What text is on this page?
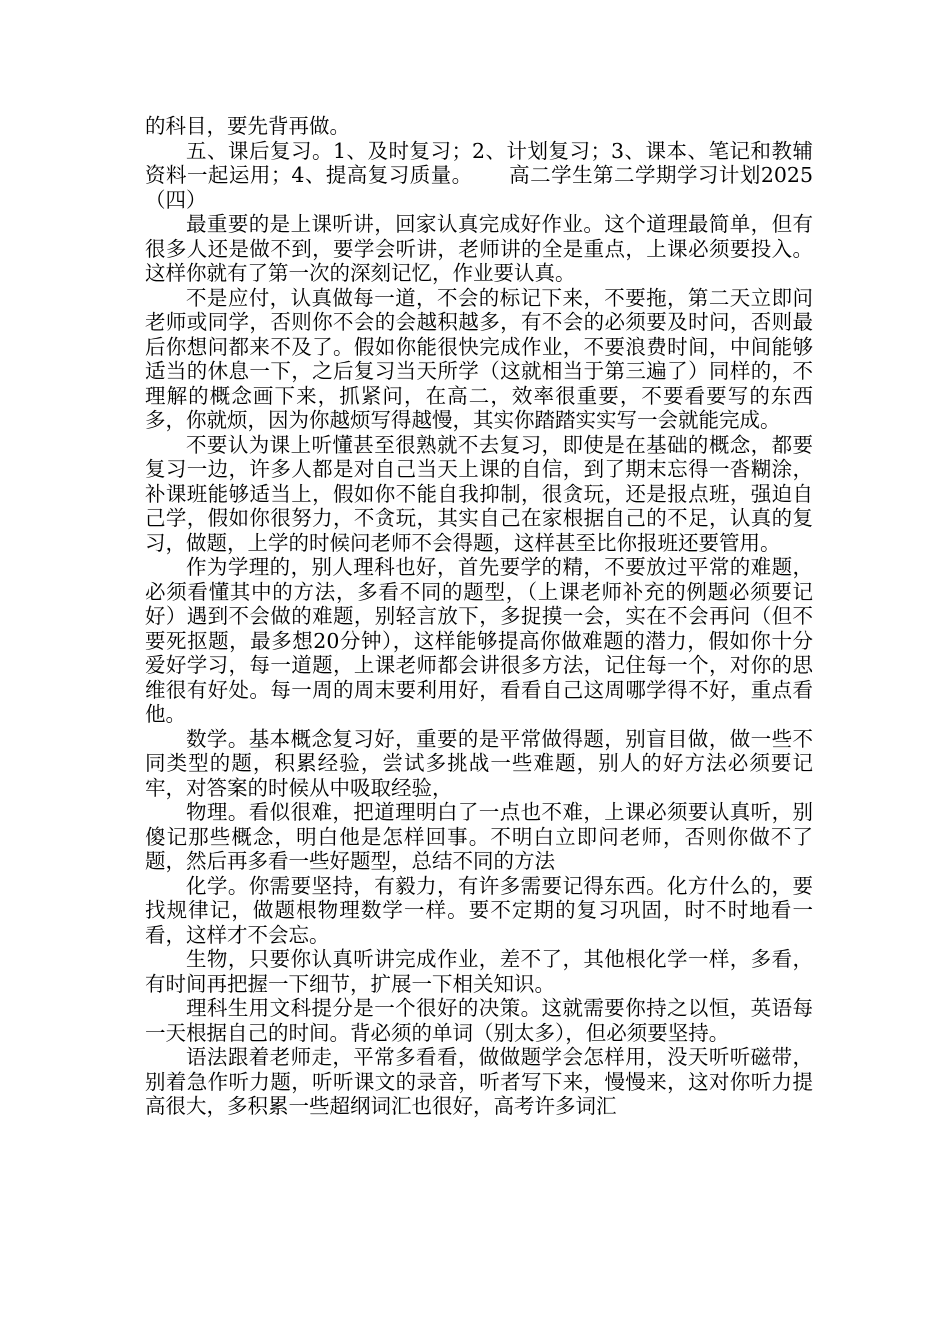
的科目，要先背再做。

五、课后复习。1、及时复习；2、计划复习；3、课本、笔记和教辅资料一起运用；4、提高复习质量。 高二学生第二学期学习计划2025（四）

最重要的是上课听讲，回家认真完成好作业。这个道理最简单，但有很多人还是做不到，要学会听讲，老师讲的全是重点，上课必须要投入。这样你就有了第一次的深刻记忆，作业要认真。

不是应付，认真做每一道，不会的标记下来，不要拖，第二天立即问老师或同学，否则你不会的会越积越多，有不会的必须要及时问，否则最后你想问都来不及了。假如你能很快完成作业，不要浪费时间，中间能够适当的休息一下，之后复习当天所学（这就相当于第三遍了）同样的，不理解的概念画下来，抓紧问，在高二，效率很重要，不要看要写的东西多，你就烦，因为你越烦写得越慢，其实你踏踏实实写一会就能完成。

不要认为课上听懂甚至很熟就不去复习，即使是在基础的概念，都要复习一边，许多人都是对自己当天上课的自信，到了期末忘得一沓糊涂，补课班能够适当上，假如你不能自我抑制，很贪玩，还是报点班，强迫自己学，假如你很努力，不贪玩，其实自己在家根据自己的不足，认真的复习，做题，上学的时候问老师不会得题，这样甚至比你报班还要管用。

作为学理的，别人理科也好，首先要学的精，不要放过平常的难题，必须看懂其中的方法，多看不同的题型，（上课老师补充的例题必须要记好）遇到不会做的难题，别轻言放下，多捉摸一会，实在不会再问（但不要死抠题，最多想20分钟），这样能够提高你做难题的潜力，假如你十分爱好学习，每一道题，上课老师都会讲很多方法，记住每一个，对你的思维很有好处。每一周的周末要利用好，看看自己这周哪学得不好，重点看他。

数学。基本概念复习好，重要的是平常做得题，别盲目做，做一些不同类型的题，积累经验，尝试多挑战一些难题，别人的好方法必须要记牢，对答案的时候从中吸取经验，

物理。看似很难，把道理明白了一点也不难，上课必须要认真听，别傻记那些概念，明白他是怎样回事。不明白立即问老师，否则你做不了题，然后再多看一些好题型，总结不同的方法

化学。你需要坚持，有毅力，有许多需要记得东西。化方什么的，要找规律记，做题根物理数学一样。要不定期的复习巩固，时不时地看一看，这样才不会忘。

生物，只要你认真听讲完成作业，差不了，其他根化学一样，多看，有时间再把握一下细节，扩展一下相关知识。

理科生用文科提分是一个很好的决策。这就需要你持之以恒，英语每一天根据自己的时间。背必须的单词（别太多），但必须要坚持。

语法跟着老师走，平常多看看，做做题学会怎样用，没天听听磁带，别着急作听力题，听听课文的录音，听者写下来，慢慢来，这对你听力提高很大，多积累一些超纲词汇也很好，高考许多词汇
